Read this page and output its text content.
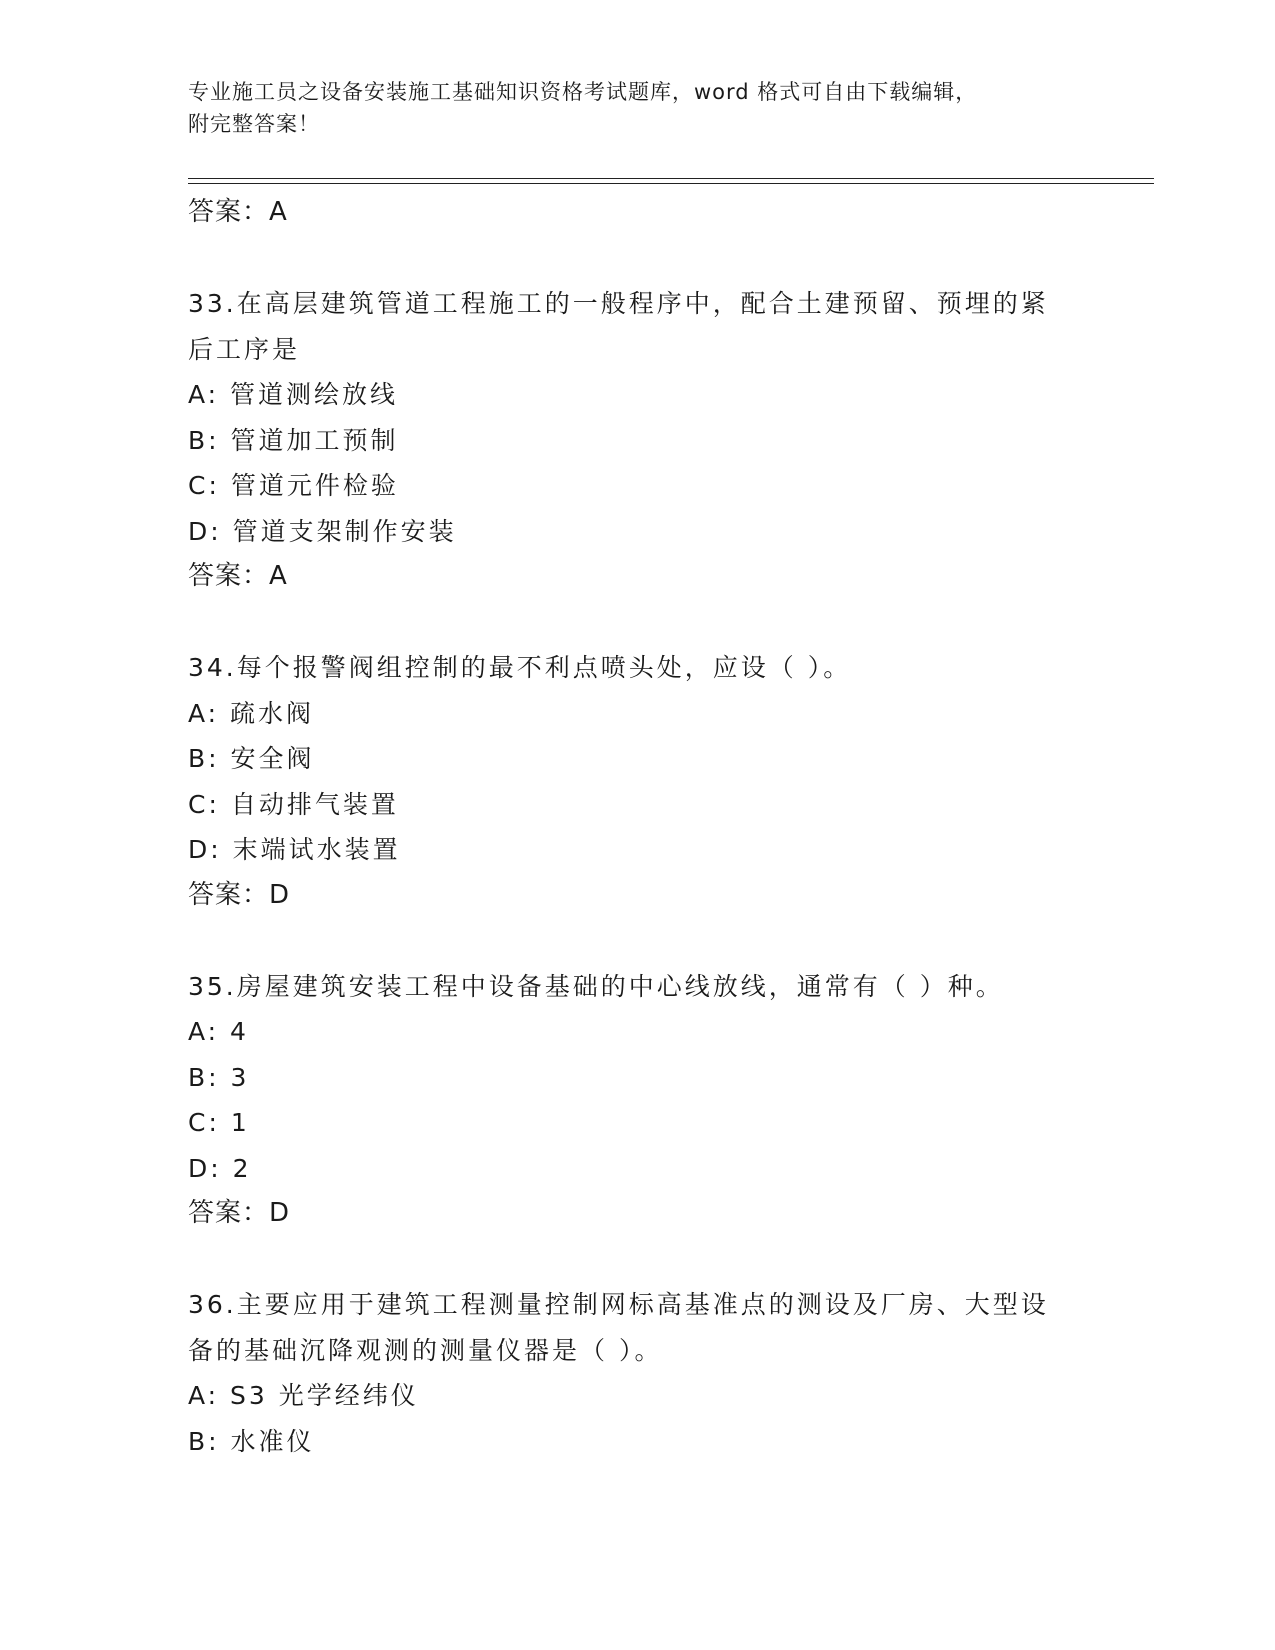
专业施工员之设备安装施工基础知识资格考试题库，word 格式可自由下载编辑，
附完整答案！
答案：A
33.在高层建筑管道工程施工的一般程序中，配合土建预留、预埋的紧
后工序是
A: 管道测绘放线
B: 管道加工预制
C: 管道元件检验
D: 管道支架制作安装
答案：A
34.每个报警阀组控制的最不利点喷头处，应设（ ）。
A: 疏水阀
B: 安全阀
C: 自动排气装置
D: 末端试水装置
答案：D
35.房屋建筑安装工程中设备基础的中心线放线，通常有（ ）种。
A: 4
B: 3
C: 1
D: 2
答案：D
36.主要应用于建筑工程测量控制网标高基准点的测设及厂房、大型设
备的基础沉降观测的测量仪器是（ ）。
A: S3 光学经纬仪
B: 水准仪
